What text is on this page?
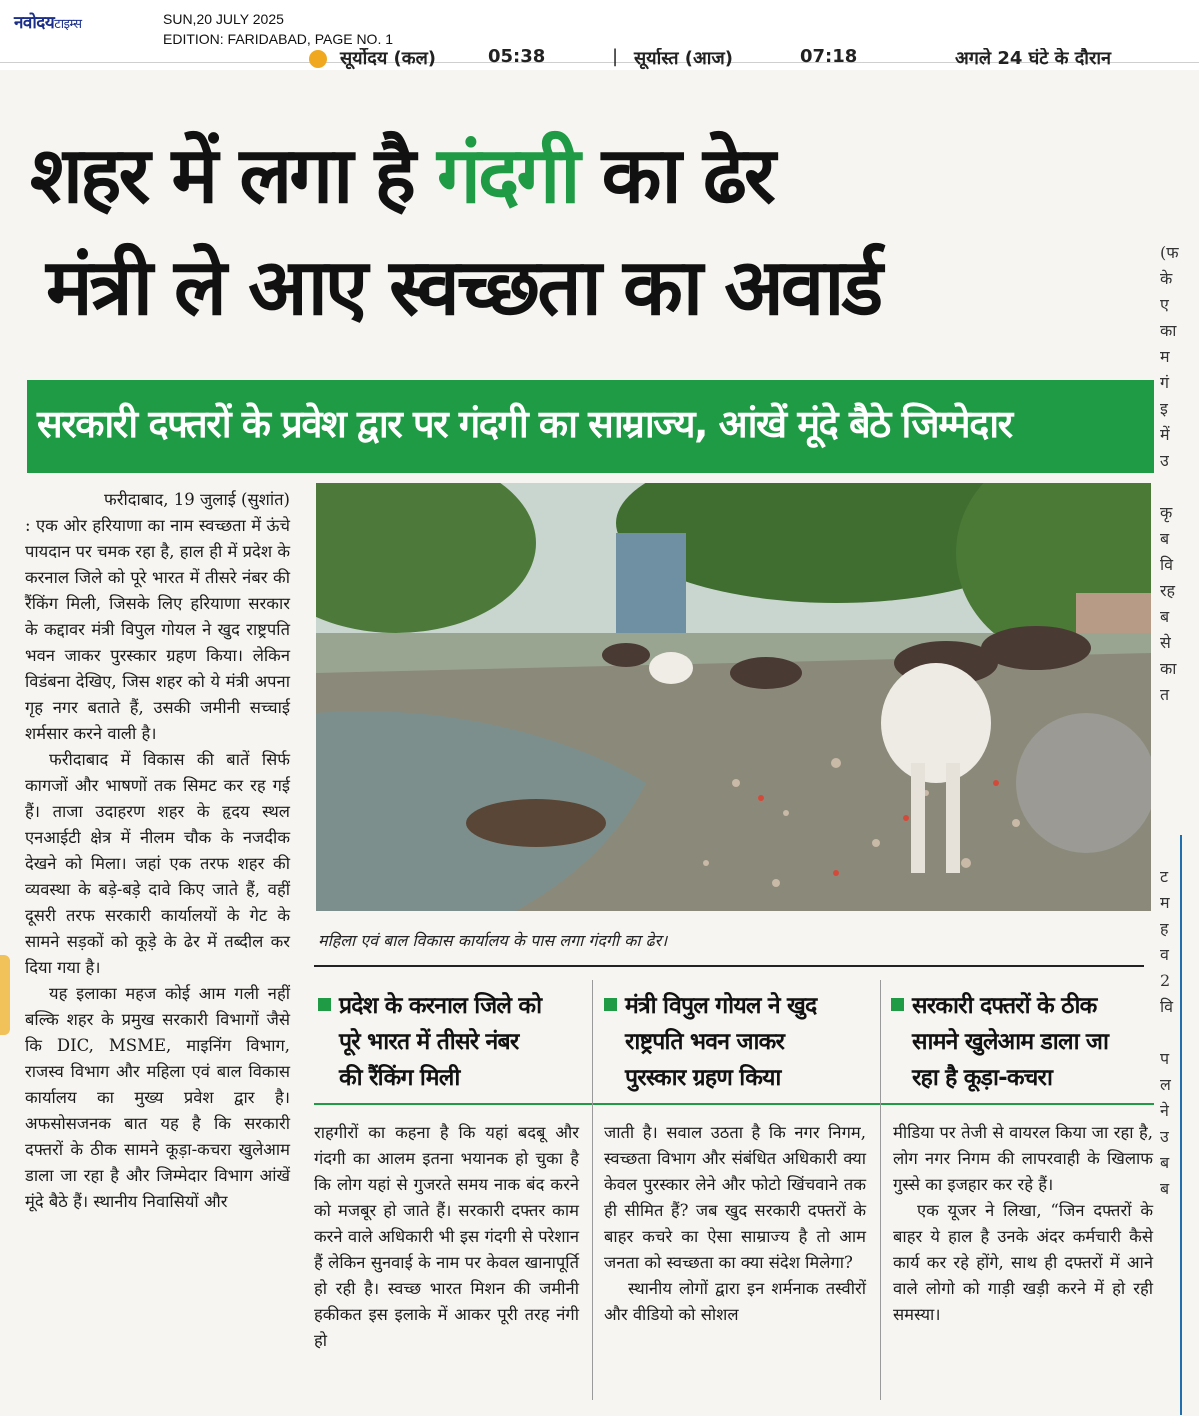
नवोदयटाइम्स	SUN,20 JULY 2025
EDITION: FARIDABAD, PAGE NO. 1
सूर्योदय (कल)	05:38	| सूर्यास्त (आज)	07:18	अगले 24 घंटे के दौरान
शहर में लगा है गंदगी का ढेर
मंत्री ले आए स्वच्छता का अवार्ड
सरकारी दफ्तरों के प्रवेश द्वार पर गंदगी का साम्राज्य, आंखें मूंदे बैठे जिम्मेदार

फरीदाबाद, 19 जुलाई (सुशांत)

: एक ओर हरियाणा का नाम स्वच्छता में ऊंचे पायदान पर चमक रहा है, हाल ही में प्रदेश के करनाल जिले को पूरे भारत में तीसरे नंबर की रैंकिंग मिली, जिसके लिए हरियाणा सरकार के कद्दावर मंत्री विपुल गोयल ने खुद राष्ट्रपति भवन जाकर पुरस्कार ग्रहण किया। लेकिन विडंबना देखिए, जिस शहर को ये मंत्री अपना गृह नगर बताते हैं, उसकी जमीनी सच्चाई शर्मसार करने वाली है।

फरीदाबाद में विकास की बातें सिर्फ कागजों और भाषणों तक सिमट कर रह गई हैं। ताजा उदाहरण शहर के हृदय स्थल एनआईटी क्षेत्र में नीलम चौक के नजदीक देखने को मिला। जहां एक तरफ शहर की व्यवस्था के बड़े-बड़े दावे किए जाते हैं, वहीं दूसरी तरफ सरकारी कार्यालयों के गेट के सामने सड़कों को कूड़े के ढेर में तब्दील कर दिया गया है।

यह इलाका महज कोई आम गली नहीं बल्कि शहर के प्रमुख सरकारी विभागों जैसे कि DIC, MSME, माइनिंग विभाग, राजस्व विभाग और महिला एवं बाल विकास कार्यालय का मुख्य प्रवेश द्वार है। अफसोसजनक बात यह है कि सरकारी दफ्तरों के ठीक सामने कूड़ा-कचरा खुलेआम डाला जा रहा है और जिम्मेदार विभाग आंखें मूंदे बैठे हैं। स्थानीय निवासियों और

महिला एवं बाल विकास कार्यालय के पास लगा गंदगी का ढेर।
प्रदेश के करनाल जिले को
पूरे भारत में तीसरे नंबर
की रैंकिंग मिली
मंत्री विपुल गोयल ने खुद
राष्ट्रपति भवन जाकर
पुरस्कार ग्रहण किया
सरकारी दफ्तरों के ठीक
सामने खुलेआम डाला जा
रहा है कूड़ा-कचरा

राहगीरों का कहना है कि यहां बदबू और गंदगी का आलम इतना भयानक हो चुका है कि लोग यहां से गुजरते समय नाक बंद करने को मजबूर हो जाते हैं। सरकारी दफ्तर काम करने वाले अधिकारी भी इस गंदगी से परेशान हैं लेकिन सुनवाई के नाम पर केवल खानापूर्ति हो रही है। स्वच्छ भारत मिशन की जमीनी हकीकत इस इलाके में आकर पूरी तरह नंगी हो

जाती है। सवाल उठता है कि नगर निगम, स्वच्छता विभाग और संबंधित अधिकारी क्या केवल पुरस्कार लेने और फोटो खिंचवाने तक ही सीमित हैं? जब खुद सरकारी दफ्तरों के बाहर कचरे का ऐसा साम्राज्य है तो आम जनता को स्वच्छता का क्या संदेश मिलेगा?

स्थानीय लोगों द्वारा इन शर्मनाक तस्वीरों और वीडियो को सोशल

मीडिया पर तेजी से वायरल किया जा रहा है, लोग नगर निगम की लापरवाही के खिलाफ गुस्से का इजहार कर रहे हैं।

एक यूजर ने लिखा, “जिन दफ्तरों के बाहर ये हाल है उनके अंदर कर्मचारी कैसे कार्य कर रहे होंगे, साथ ही दफ्तरों में आने वाले लोगो को गाड़ी खड़ी करने में हो रही समस्या।

(फ
के
ए
का
म
गं
इ
में
उ

कृ
ब
वि
रह
ब
से
का
त

ट
म
ह
व
2
वि

प
ल
ने
उ
ब
ब
